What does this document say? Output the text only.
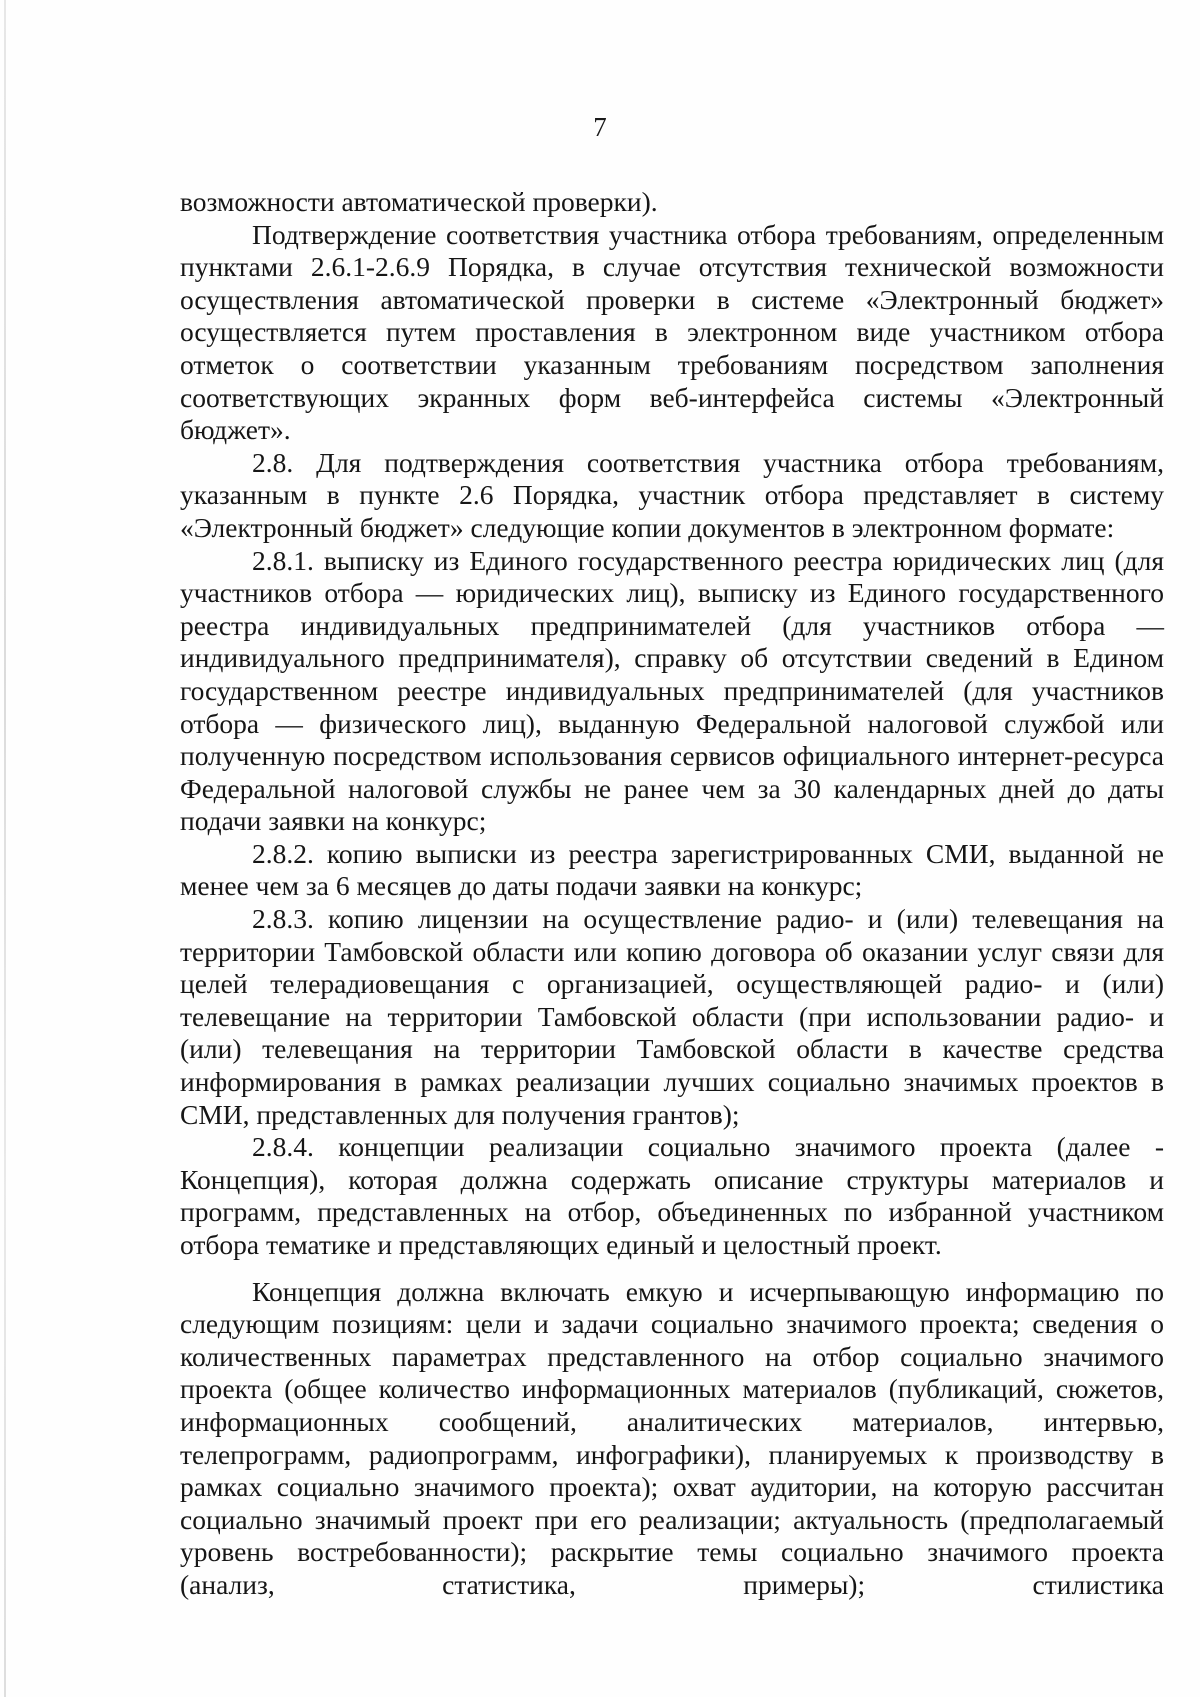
7

возможности автоматической проверки).

Подтверждение соответствия участника отбора требованиям, определенным пунктами 2.6.1-2.6.9 Порядка, в случае отсутствия технической возможности осуществления автоматической проверки в системе «Электронный бюджет» осуществляется путем проставления в электронном виде участником отбора отметок о соответствии указанным требованиям посредством заполнения соответствующих экранных форм веб-интерфейса системы «Электронный бюджет».

2.8. Для подтверждения соответствия участника отбора требованиям, указанным в пункте 2.6 Порядка, участник отбора представляет в систему «Электронный бюджет» следующие копии документов в электронном формате:

2.8.1. выписку из Единого государственного реестра юридических лиц (для участников отбора — юридических лиц), выписку из Единого государственного реестра индивидуальных предпринимателей (для участников отбора — индивидуального предпринимателя), справку об отсутствии сведений в Едином государственном реестре индивидуальных предпринимателей (для участников отбора — физического лиц), выданную Федеральной налоговой службой или полученную посредством использования сервисов официального интернет-ресурса Федеральной налоговой службы не ранее чем за 30 календарных дней до даты подачи заявки на конкурс;

2.8.2. копию выписки из реестра зарегистрированных СМИ, выданной не менее чем за 6 месяцев до даты подачи заявки на конкурс;

2.8.3. копию лицензии на осуществление радио- и (или) телевещания на территории Тамбовской области или копию договора об оказании услуг связи для целей телерадиовещания с организацией, осуществляющей радио- и (или) телевещание на территории Тамбовской области (при использовании радио- и (или) телевещания на территории Тамбовской области в качестве средства информирования в рамках реализации лучших социально значимых проектов в СМИ, представленных для получения грантов);

2.8.4. концепции реализации социально значимого проекта (далее - Концепция), которая должна содержать описание структуры материалов и программ, представленных на отбор, объединенных по избранной участником отбора тематике и представляющих единый и целостный проект.

Концепция должна включать емкую и исчерпывающую информацию по следующим позициям: цели и задачи социально значимого проекта; сведения о количественных параметрах представленного на отбор социально значимого проекта (общее количество информационных материалов (публикаций, сюжетов, информационных сообщений, аналитических материалов, интервью, телепрограмм, радиопрограмм, инфографики), планируемых к производству в рамках социально значимого проекта); охват аудитории, на которую рассчитан социально значимый проект при его реализации; актуальность (предполагаемый уровень востребованности); раскрытие темы социально значимого проекта (анализ, статистика, примеры); стилистика
